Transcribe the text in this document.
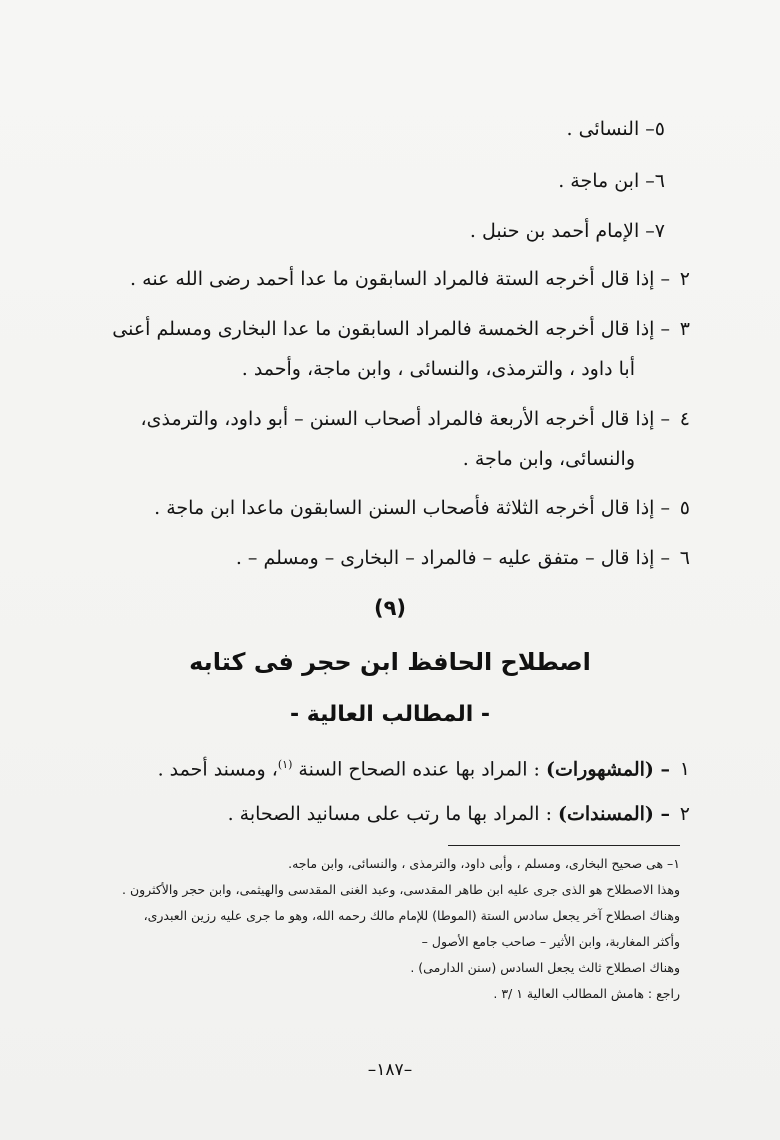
٥– النسائى .
٦– ابن ماجة .
٧– الإمام أحمد بن حنبل .
٢
– إذا قال أخرجه الستة فالمراد السابقون ما عدا أحمد رضى الله عنه .
٣
– إذا قال أخرجه الخمسة فالمراد السابقون ما عدا البخارى ومسلم أعنى
أبا داود ، والترمذى، والنسائى ، وابن ماجة، وأحمد .
٤
– إذا قال أخرجه الأربعة فالمراد أصحاب السنن – أبو داود، والترمذى،
والنسائى، وابن ماجة .
٥
– إذا قال أخرجه الثلاثة فأصحاب السنن السابقون ماعدا ابن ماجة .
٦
– إذا قال – متفق عليه – فالمراد – البخارى – ومسلم – .
(٩)
اصطلاح الحافظ ابن حجر فى كتابه
- المطالب العالية -
١
– (المشهورات) : المراد بها عنده الصحاح السنة $^{(١)}$، ومسند أحمد .
٢
– (المسندات) : المراد بها ما رتب على مسانيد الصحابة .
١– هى صحيح البخارى، ومسلم ، وأبى داود، والترمذى ، والنسائى، وابن ماجه.
وهذا الاصطلاح هو الذى جرى عليه ابن طاهر المقدسى، وعبد الغنى المقدسى والهيثمى، وابن حجر والأكثرون .
وهناك اصطلاح آخر يجعل سادس الستة (الموطا) للإمام مالك رحمه الله، وهو ما جرى عليه رزين العبدرى،
وأكثر المغاربة، وابن الأثير – صاحب جامع الأصول –
وهناك اصطلاح ثالث يجعل السادس (سنن الدارمى) .
راجع : هامش المطالب العالية ١ /٣ .
–١٨٧–
